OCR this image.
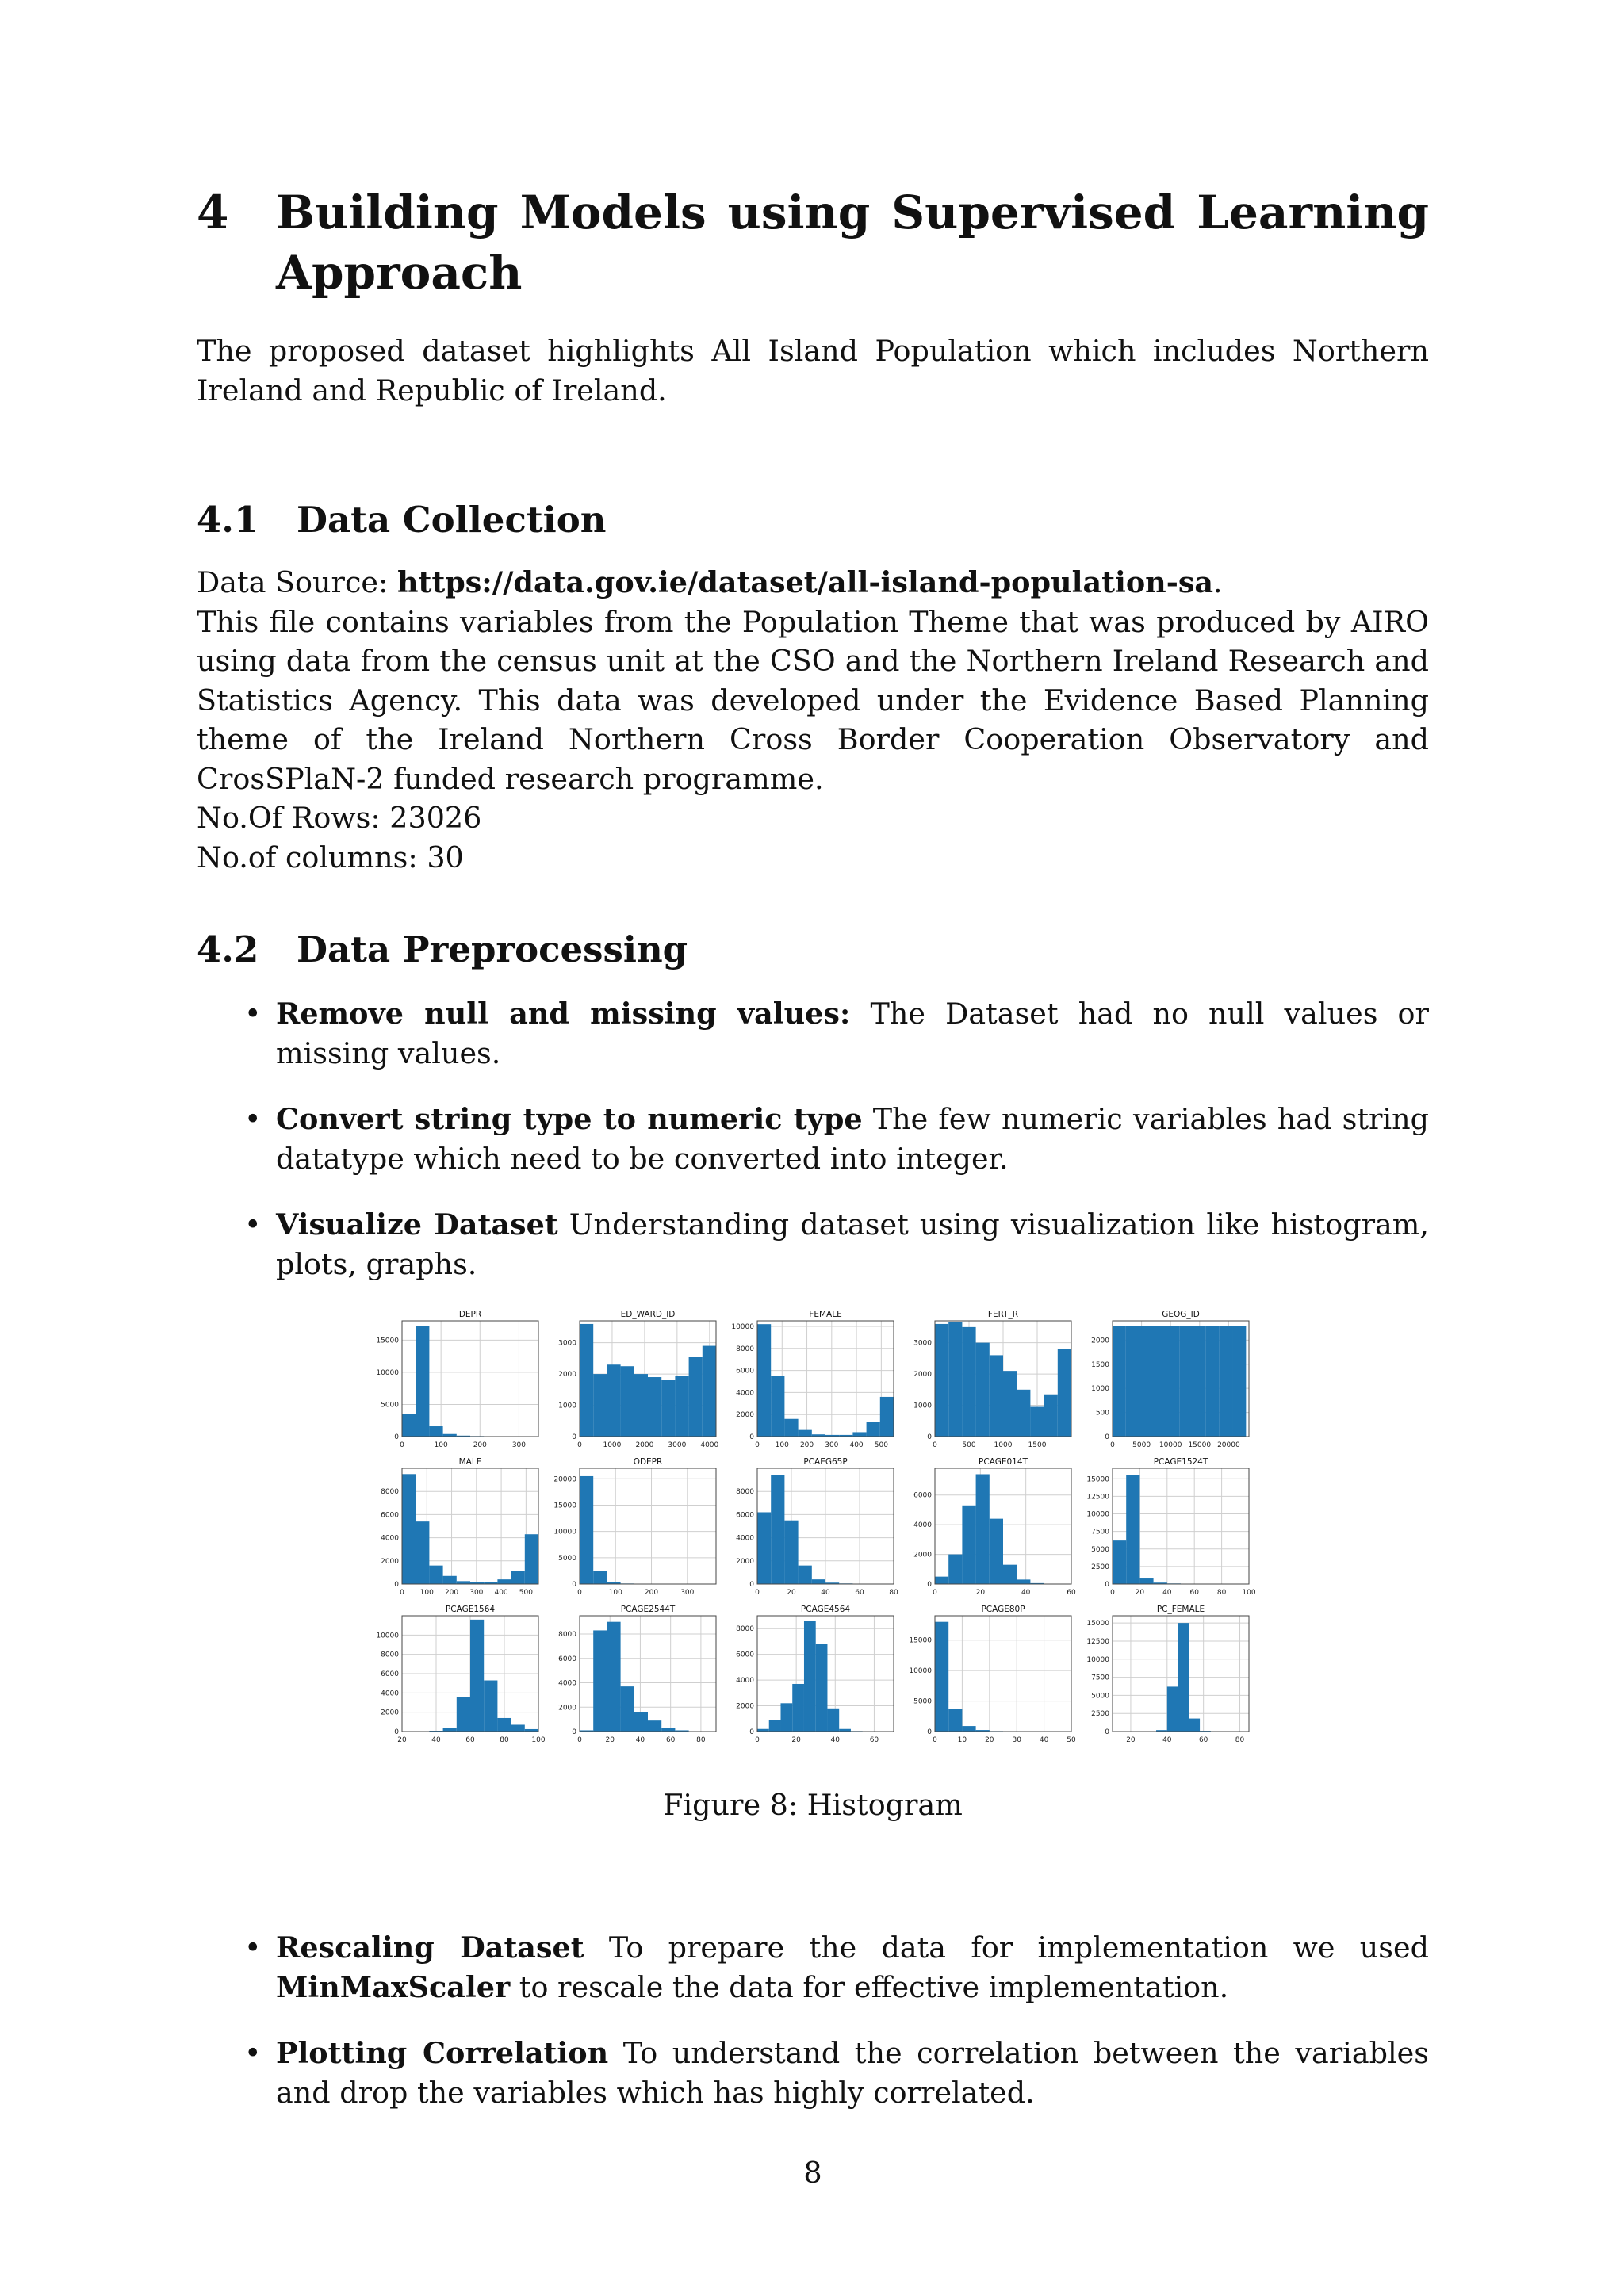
4 Building Models using Supervised Learning Approach
The proposed dataset highlights All Island Population which includes Northern Ireland and Republic of Ireland.
4.1 Data Collection
Data Source: https://data.gov.ie/dataset/all-island-population-sa.
This file contains variables from the Population Theme that was produced by AIRO using data from the census unit at the CSO and the Northern Ireland Research and Statistics Agency. This data was developed under the Evidence Based Planning theme of the Ireland Northern Cross Border Cooperation Observatory and CrosSPlaN-2 funded research programme.
No.Of Rows: 23026
No.of columns: 30
4.2 Data Preprocessing
• Remove null and missing values: The Dataset had no null values or missing values.
• Convert string type to numeric type The few numeric variables had string datatype which need to be converted into integer.
• Visualize Dataset Understanding dataset using visualization like histogram, plots, graphs.
0	100	200	300
0
5000
10000
15000
DEPR
0	1000 2000 3000 4000
0
1000
2000
3000
ED_WARD_ID
0 100 200 300 400 500
0
2000
4000
6000
8000
10000
FEMALE
0	500	1000 1500
0
1000
2000
3000
FERT_R
0 5000 10000 15000 20000
0
500
1000
1500
2000
GEOG_ID
0 100 200 300 400 500
0
2000
4000
6000
8000
MALE
0	100	200	300
0
5000
10000
15000
20000
ODEPR
0	20	40	60	80
0
2000
4000
6000
8000
PCAEG65P
0	20	40	60
0
2000
4000
6000
PCAGE014T
0	20	40	60	80 100
0
2500
5000
7500
10000
12500
15000
PCAGE1524T
20	40	60	80	100
0
2000
4000
6000
8000
10000
PCAGE1564
0	20	40	60	80
0
2000
4000
6000
8000
PCAGE2544T
0	20	40	60
0
2000
4000
6000
8000
PCAGE4564
0	10	20	30	40	50
0
5000
10000
15000
PCAGE80P
20	40	60	80
0
2500
5000
7500
10000
12500
15000
PC_FEMALE
Figure 8: Histogram
• Rescaling Dataset To prepare the data for implementation we used MinMaxScaler to rescale the data for effective implementation.
• Plotting Correlation To understand the correlation between the variables and drop the variables which has highly correlated.
8
